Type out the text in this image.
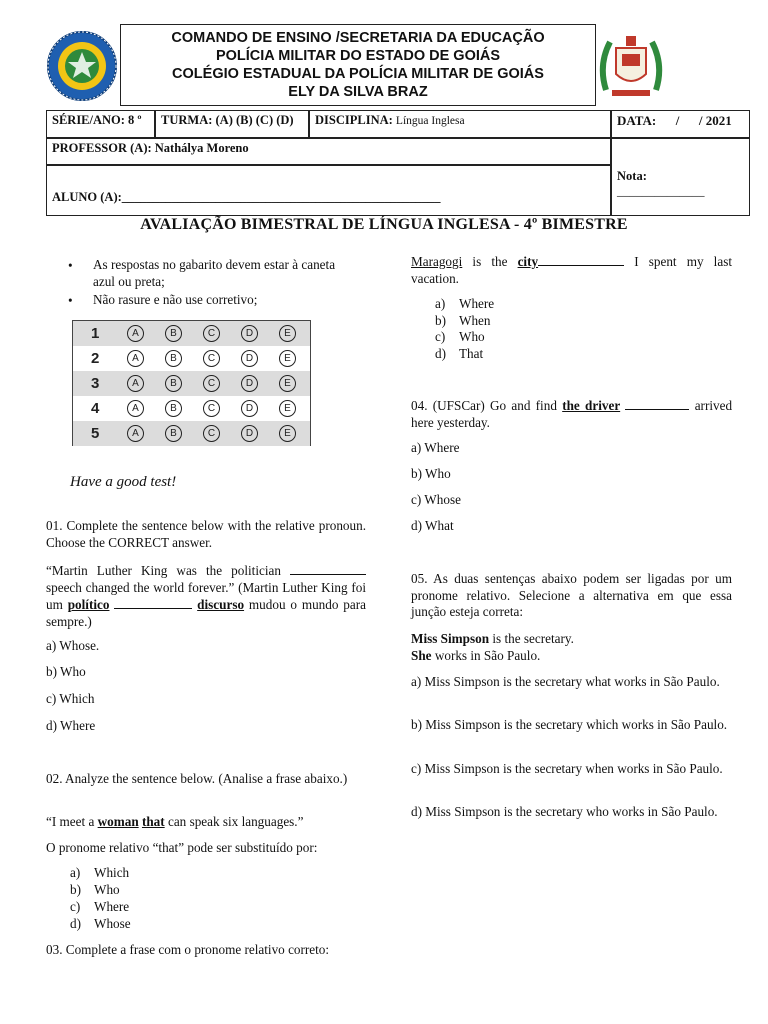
COMANDO DE ENSINO /SECRETARIA DA EDUCAÇÃO
POLÍCIA MILITAR DO ESTADO DE GOIÁS
COLÉGIO ESTADUAL DA POLÍCIA MILITAR DE GOIÁS
ELY DA SILVA BRAZ
SÉRIE/ANO: 8 º	TURMA: (A) (B) (C) (D)	DISCIPLINA: Língua Inglesa	DATA:      /      / 2021
PROFESSOR (A): Nathálya Moreno
ALUNO (A):___________________________________________________
Nota:
______________
AVALIAÇÃO BIMESTRAL DE LÍNGUA INGLESA - 4º BIMESTRE
• As respostas no gabarito devem estar à caneta azul ou preta;
• Não rasure e não use corretivo;
1	A	B	C	D	E
2	A	B	C	D	E
3	A	B	C	D	E
4	A	B	C	D	E
5	A	B	C	D	E
Have a good test!
01. Complete the sentence below with the relative pronoun. Choose the CORRECT answer.
“Martin Luther King was the politician  speech changed the world forever.” (Martin Luther King foi um político	discurso mudou o mundo para sempre.)
a) Whose.
b) Who
c) Which
d) Where
02. Analyze the sentence below. (Analise a frase abaixo.)
“I meet a woman that can speak six languages.”
O pronome relativo “that” pode ser substituído por:
a) Which
b) Who
c) Where
d) Whose
03. Complete a frase com o pronome relativo correto:
Maragogi is the city	I spent my last vacation.
a) Where
b) When
c) Who
d) That
04. (UFSCar) Go and find the driver	arrived here yesterday.
a) Where
b) Who
c) Whose
d) What
05. As duas sentenças abaixo podem ser ligadas por um pronome relativo. Selecione a alternativa em que essa junção esteja correta:
Miss Simpson is the secretary.
She works in São Paulo.
a) Miss Simpson is the secretary what works in São Paulo.
b) Miss Simpson is the secretary which works in São Paulo.
c) Miss Simpson is the secretary when works in São Paulo.
d) Miss Simpson is the secretary who works in São Paulo.
